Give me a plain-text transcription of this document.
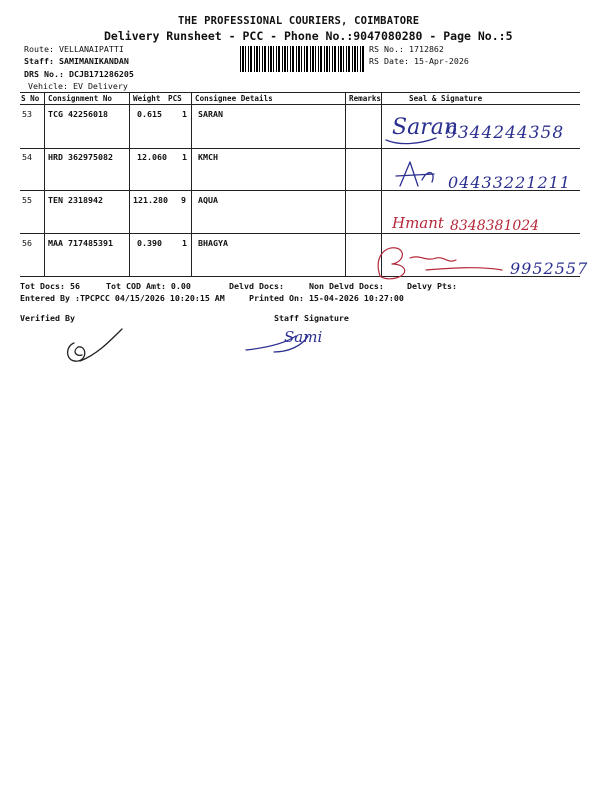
THE PROFESSIONAL COURIERS, COIMBATORE
Delivery Runsheet - PCC - Phone No.:9047080280 - Page No.:5
Route: VELLANAIPATTI
Staff: SAMIMANIKANDAN
DRS No.: DCJB171286205
Vehicle: EV Delivery
RS No.: 1712862
RS Date: 15-Apr-2026
S No Consignment No	Weight PCS Consignee Details	Remarks	Seal & Signature
53 TCG 42256018	0.615 1 SARAN
54 HRD 362975082	12.060 1 KMCH
55 TEN 2318942	121.280 9 AQUA
56 MAA 717485391	0.390 1 BHAGYA
Saran
9344244358
04433221211
Hmant 8348381024
9952557
Tot Docs: 56	Tot COD Amt: 0.00	Delvd Docs:	Non Delvd Docs:	Delvy Pts:
Entered By :TPCPCC 04/15/2026 10:20:15 AM	Printed On: 15-04-2026 10:27:00
Verified By	Staff Signature
Sami
